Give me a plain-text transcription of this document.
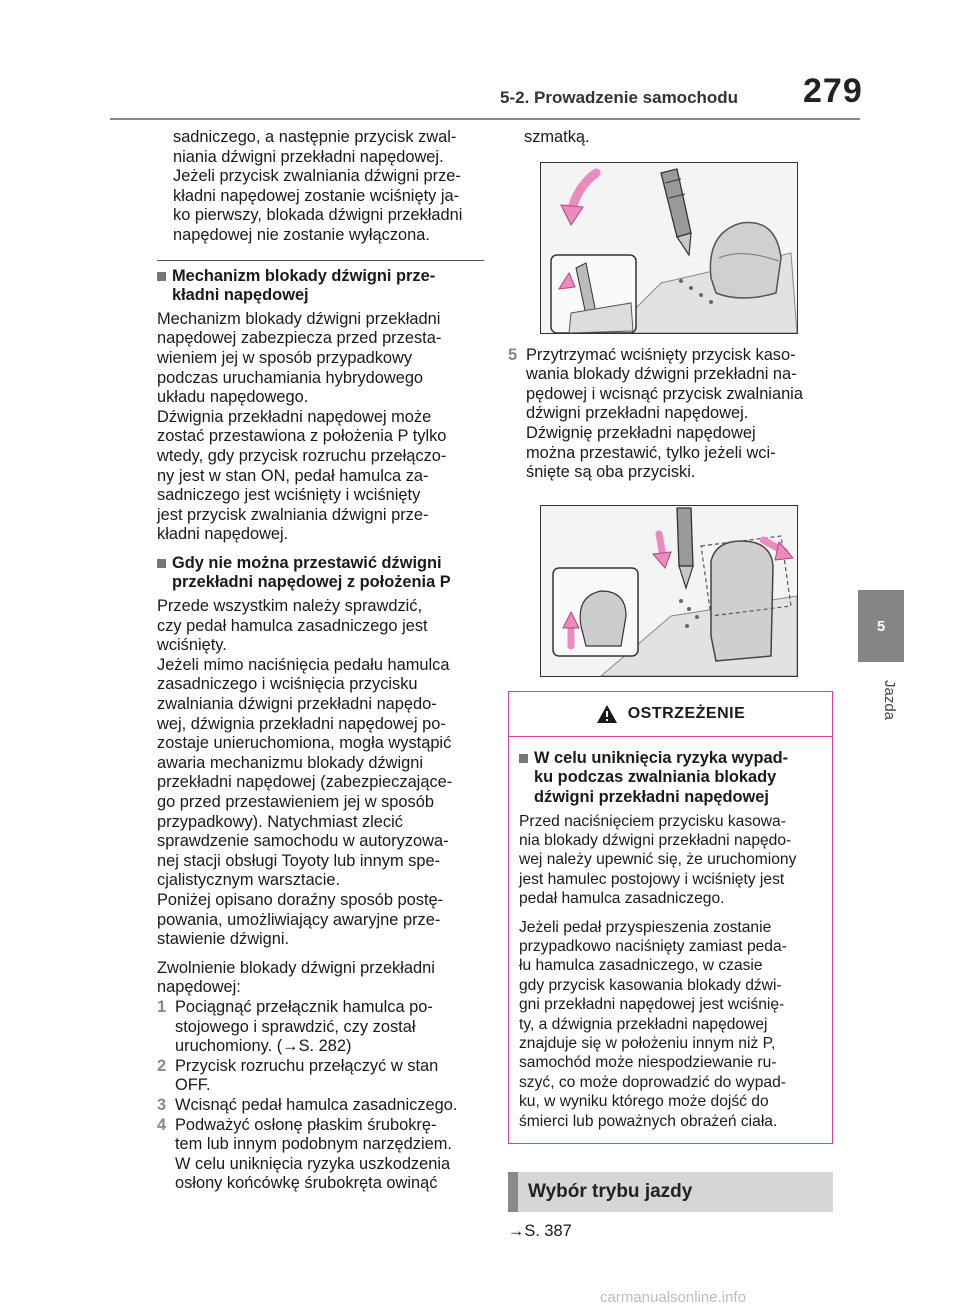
5-2. Prowadzenie samochodu	279
5
Jazda

sadniczego, a następnie przycisk zwal-

niania dźwigni przekładni napędowej.

Jeżeli przycisk zwalniania dźwigni prze-

kładni napędowej zostanie wciśnięty ja-

ko pierwszy, blokada dźwigni przekładni

napędowej nie zostanie wyłączona.

Mechanizm blokady dźwigni prze-
kładni napędowej

Mechanizm blokady dźwigni przekładni

napędowej zabezpiecza przed przesta-

wieniem jej w sposób przypadkowy

podczas uruchamiania hybrydowego

układu napędowego.

Dźwignia przekładni napędowej może

zostać przestawiona z położenia P tylko

wtedy, gdy przycisk rozruchu przełączo-

ny jest w stan ON, pedał hamulca za-

sadniczego jest wciśnięty i wciśnięty

jest przycisk zwalniania dźwigni prze-

kładni napędowej.

Gdy nie można przestawić dźwigni
przekładni napędowej z położenia P

Przede wszystkim należy sprawdzić,

czy pedał hamulca zasadniczego jest

wciśnięty.

Jeżeli mimo naciśnięcia pedału hamulca

zasadniczego i wciśnięcia przycisku

zwalniania dźwigni przekładni napędo-

wej, dźwignia przekładni napędowej po-

zostaje unieruchomiona, mogła wystąpić

awaria mechanizmu blokady dźwigni

przekładni napędowej (zabezpieczające-

go przed przestawieniem jej w sposób

przypadkowy). Natychmiast zlecić

sprawdzenie samochodu w autoryzowa-

nej stacji obsługi Toyoty lub innym spe-

cjalistycznym warsztacie.

Poniżej opisano doraźny sposób postę-

powania, umożliwiający awaryjne prze-

stawienie dźwigni.

Zwolnienie blokady dźwigni przekładni

napędowej:

1 Pociągnąć przełącznik hamulca po-

stojowego i sprawdzić, czy został

uruchomiony. (→S. 282)

2 Przycisk rozruchu przełączyć w stan

OFF.

3 Wcisnąć pedał hamulca zasadniczego.

4 Podważyć osłonę płaskim śrubokrę-

tem lub innym podobnym narzędziem.

W celu uniknięcia ryzyka uszkodzenia

osłony końcówkę śrubokręta owinąć

szmatką.

5 Przytrzymać wciśnięty przycisk kaso-

wania blokady dźwigni przekładni na-

pędowej i wcisnąć przycisk zwalniania

dźwigni przekładni napędowej.

Dźwignię przekładni napędowej

można przestawić, tylko jeżeli wci-

śnięte są oba przyciski.

OSTRZEŻENIE
W celu uniknięcia ryzyka wypad-
ku podczas zwalniania blokady
dźwigni przekładni napędowej

Przed naciśnięciem przycisku kasowa-

nia blokady dźwigni przekładni napędo-

wej należy upewnić się, że uruchomiony

jest hamulec postojowy i wciśnięty jest

pedał hamulca zasadniczego.

Jeżeli pedał przyspieszenia zostanie

przypadkowo naciśnięty zamiast peda-

łu hamulca zasadniczego, w czasie

gdy przycisk kasowania blokady dźwi-

gni przekładni napędowej jest wciśnię-

ty, a dźwignia przekładni napędowej

znajduje się w położeniu innym niż P,

samochód może niespodziewanie ru-

szyć, co może doprowadzić do wypad-

ku, w wyniku którego może dojść do

śmierci lub poważnych obrażeń ciała.

Wybór trybu jazdy

→S. 387

carmanualsonline.info
